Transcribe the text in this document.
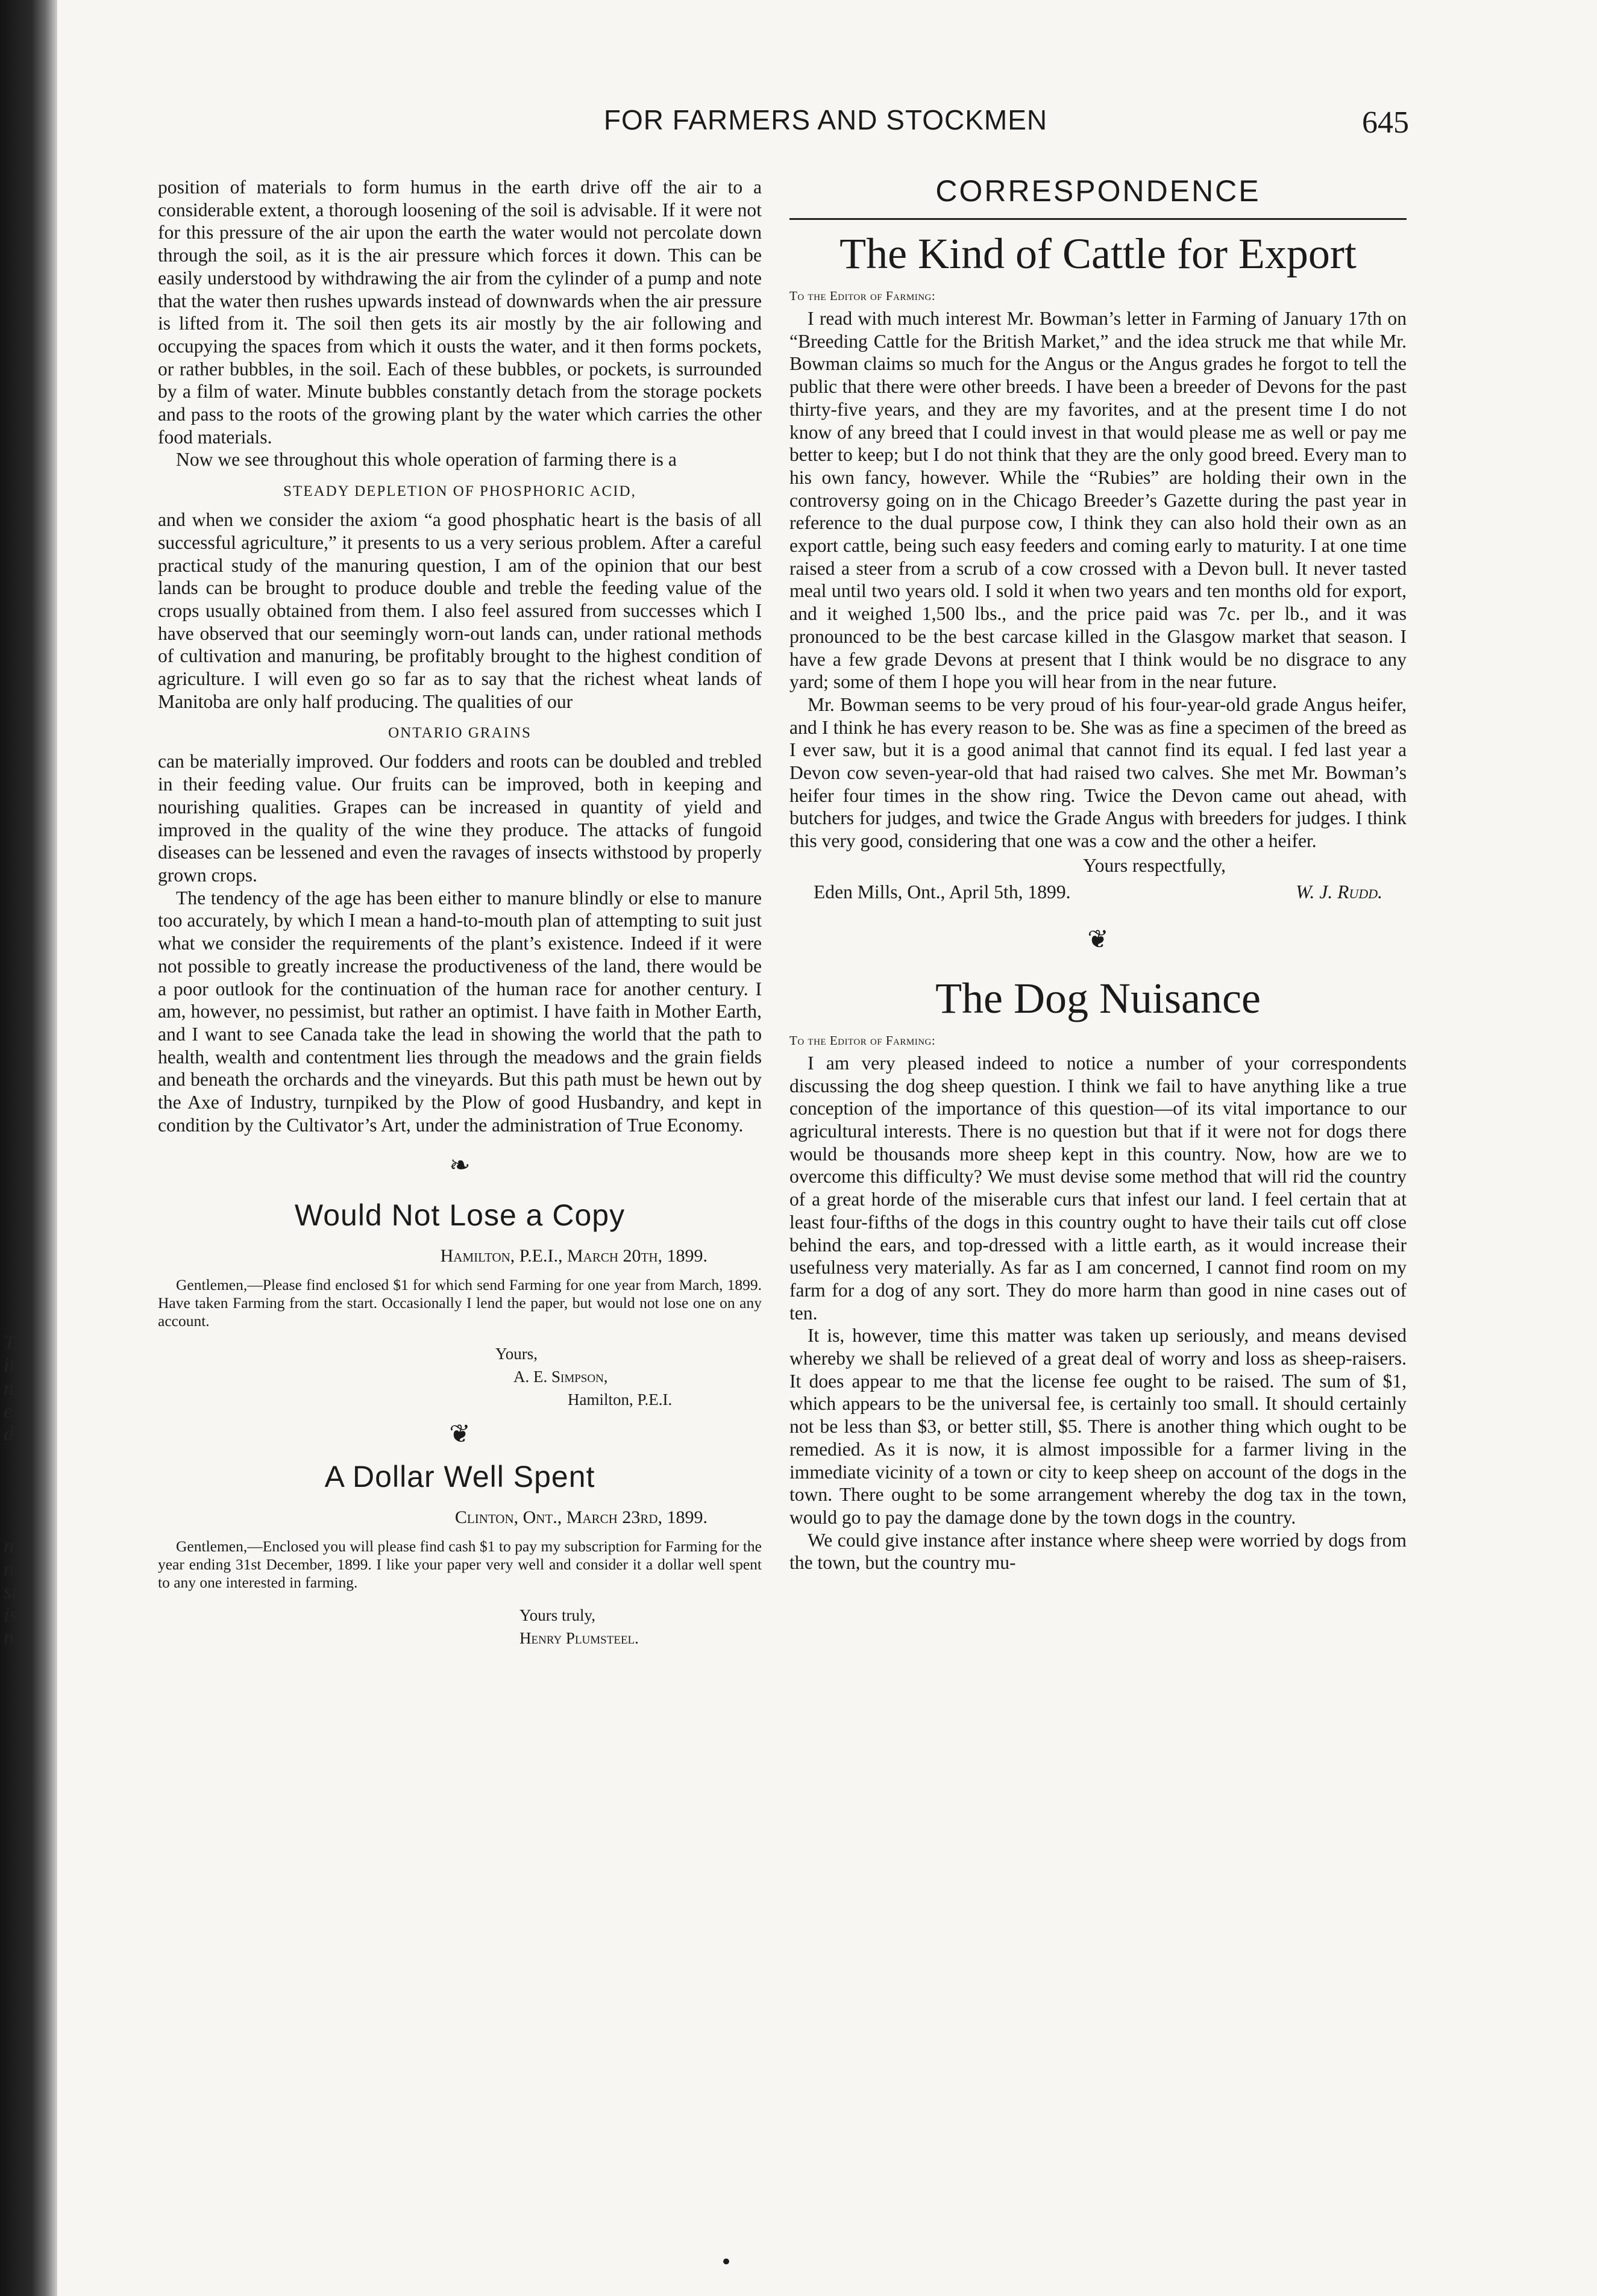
T
it
n
e
d
n
n
st
is
n-
FOR FARMERS AND STOCKMEN	645

position of materials to form humus in the earth drive off the air to a considerable extent, a thorough loosening of the soil is advisable. If it were not for this pressure of the air upon the earth the water would not percolate down through the soil, as it is the air pressure which forces it down. This can be easily understood by withdrawing the air from the cylinder of a pump and note that the water then rushes upwards instead of downwards when the air pressure is lifted from it. The soil then gets its air mostly by the air following and occupying the spaces from which it ousts the water, and it then forms pockets, or rather bubbles, in the soil. Each of these bubbles, or pockets, is surrounded by a film of water. Minute bubbles constantly detach from the storage pockets and pass to the roots of the growing plant by the water which carries the other food materials.

Now we see throughout this whole operation of farming there is a

STEADY DEPLETION OF PHOSPHORIC ACID,

and when we consider the axiom “a good phosphatic heart is the basis of all successful agriculture,” it presents to us a very serious problem. After a careful practical study of the manuring question, I am of the opinion that our best lands can be brought to produce double and treble the feeding value of the crops usually obtained from them. I also feel assured from successes which I have observed that our seemingly worn-out lands can, under rational methods of cultivation and manuring, be profitably brought to the highest condition of agriculture. I will even go so far as to say that the richest wheat lands of Manitoba are only half producing. The qualities of our

ONTARIO GRAINS

can be materially improved. Our fodders and roots can be doubled and trebled in their feeding value. Our fruits can be improved, both in keeping and nourishing qualities. Grapes can be increased in quantity of yield and improved in the quality of the wine they produce. The attacks of fungoid diseases can be lessened and even the ravages of insects withstood by properly grown crops.

The tendency of the age has been either to manure blindly or else to manure too accurately, by which I mean a hand-to-mouth plan of attempting to suit just what we consider the requirements of the plant’s existence. Indeed if it were not possible to greatly increase the productiveness of the land, there would be a poor outlook for the continuation of the human race for another century. I am, however, no pessimist, but rather an optimist. I have faith in Mother Earth, and I want to see Canada take the lead in showing the world that the path to health, wealth and contentment lies through the meadows and the grain fields and beneath the orchards and the vineyards. But this path must be hewn out by the Axe of Industry, turnpiked by the Plow of good Husbandry, and kept in condition by the Cultivator’s Art, under the administration of True Economy.

❧
Would Not Lose a Copy
Hamilton, P.E.I., March 20th, 1899.

Gentlemen,—Please find enclosed $1 for which send Farming for one year from March, 1899. Have taken Farming from the start. Occasionally I lend the paper, but would not lose one on any account.

Yours,
A. E. Simpson,
Hamilton, P.E.I.
❦
A Dollar Well Spent
Clinton, Ont., March 23rd, 1899.

Gentlemen,—Enclosed you will please find cash $1 to pay my subscription for Farming for the year ending 31st December, 1899. I like your paper very well and consider it a dollar well spent to any one interested in farming.

Yours truly,
Henry Plumsteel.
CORRESPONDENCE
The Kind of Cattle for Export
To the Editor of Farming:

I read with much interest Mr. Bowman’s letter in Farming of January 17th on “Breeding Cattle for the British Market,” and the idea struck me that while Mr. Bowman claims so much for the Angus or the Angus grades he forgot to tell the public that there were other breeds. I have been a breeder of Devons for the past thirty-five years, and they are my favorites, and at the present time I do not know of any breed that I could invest in that would please me as well or pay me better to keep; but I do not think that they are the only good breed. Every man to his own fancy, however. While the “Rubies” are holding their own in the controversy going on in the Chicago Breeder’s Gazette during the past year in reference to the dual purpose cow, I think they can also hold their own as an export cattle, being such easy feeders and coming early to maturity. I at one time raised a steer from a scrub of a cow crossed with a Devon bull. It never tasted meal until two years old. I sold it when two years and ten months old for export, and it weighed 1,500 lbs., and the price paid was 7c. per lb., and it was pronounced to be the best carcase killed in the Glasgow market that season. I have a few grade Devons at present that I think would be no disgrace to any yard; some of them I hope you will hear from in the near future.

Mr. Bowman seems to be very proud of his four-year-old grade Angus heifer, and I think he has every reason to be. She was as fine a specimen of the breed as I ever saw, but it is a good animal that cannot find its equal. I fed last year a Devon cow seven-year-old that had raised two calves. She met Mr. Bowman’s heifer four times in the show ring. Twice the Devon came out ahead, with butchers for judges, and twice the Grade Angus with breeders for judges. I think this very good, considering that one was a cow and the other a heifer.

Yours respectfully,
Eden Mills, Ont., April 5th, 1899.	W. J. Rudd.
❦
The Dog Nuisance
To the Editor of Farming:

I am very pleased indeed to notice a number of your correspondents discussing the dog sheep question. I think we fail to have anything like a true conception of the importance of this question—of its vital importance to our agricultural interests. There is no question but that if it were not for dogs there would be thousands more sheep kept in this country. Now, how are we to overcome this difficulty? We must devise some method that will rid the country of a great horde of the miserable curs that infest our land. I feel certain that at least four-fifths of the dogs in this country ought to have their tails cut off close behind the ears, and top-dressed with a little earth, as it would increase their usefulness very materially. As far as I am concerned, I cannot find room on my farm for a dog of any sort. They do more harm than good in nine cases out of ten.

It is, however, time this matter was taken up seriously, and means devised whereby we shall be relieved of a great deal of worry and loss as sheep-raisers. It does appear to me that the license fee ought to be raised. The sum of $1, which appears to be the universal fee, is certainly too small. It should certainly not be less than $3, or better still, $5. There is another thing which ought to be remedied. As it is now, it is almost impossible for a farmer living in the immediate vicinity of a town or city to keep sheep on account of the dogs in the town. There ought to be some arrangement whereby the dog tax in the town, would go to pay the damage done by the town dogs in the country.

We could give instance after instance where sheep were worried by dogs from the town, but the country mu-

•
